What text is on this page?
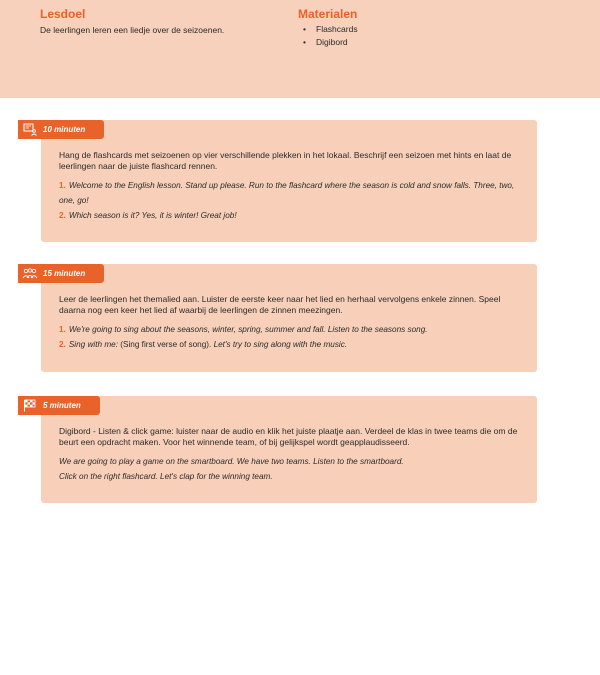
Lesdoel
De leerlingen leren een liedje over de seizoenen.
Materialen
• Flashcards
• Digibord
10 minuten

Hang de flashcards met seizoenen op vier verschillende plekken in het lokaal. Beschrijf een seizoen met hints en laat de leerlingen naar de juiste flashcard rennen.

1. Welcome to the English lesson. Stand up please. Run to the flashcard where the season is cold and snow falls. Three, two, one, go!

2. Which season is it? Yes, it is winter! Great job!

15 minuten

Leer de leerlingen het themalied aan. Luister de eerste keer naar het lied en herhaal vervolgens enkele zinnen. Speel daarna nog een keer het lied af waarbij de leerlingen de zinnen meezingen.

1. We're going to sing about the seasons, winter, spring, summer and fall. Listen to the seasons song.

2. Sing with me: (Sing first verse of song). Let's try to sing along with the music.

5 minuten

Digibord - Listen & click game: luister naar de audio en klik het juiste plaatje aan. Verdeel de klas in twee teams die om de beurt een opdracht maken. Voor het winnende team, of bij gelijkspel wordt geapplaudisseerd.

We are going to play a game on the smartboard. We have two teams. Listen to the smartboard.

Click on the right flashcard. Let's clap for the winning team.
